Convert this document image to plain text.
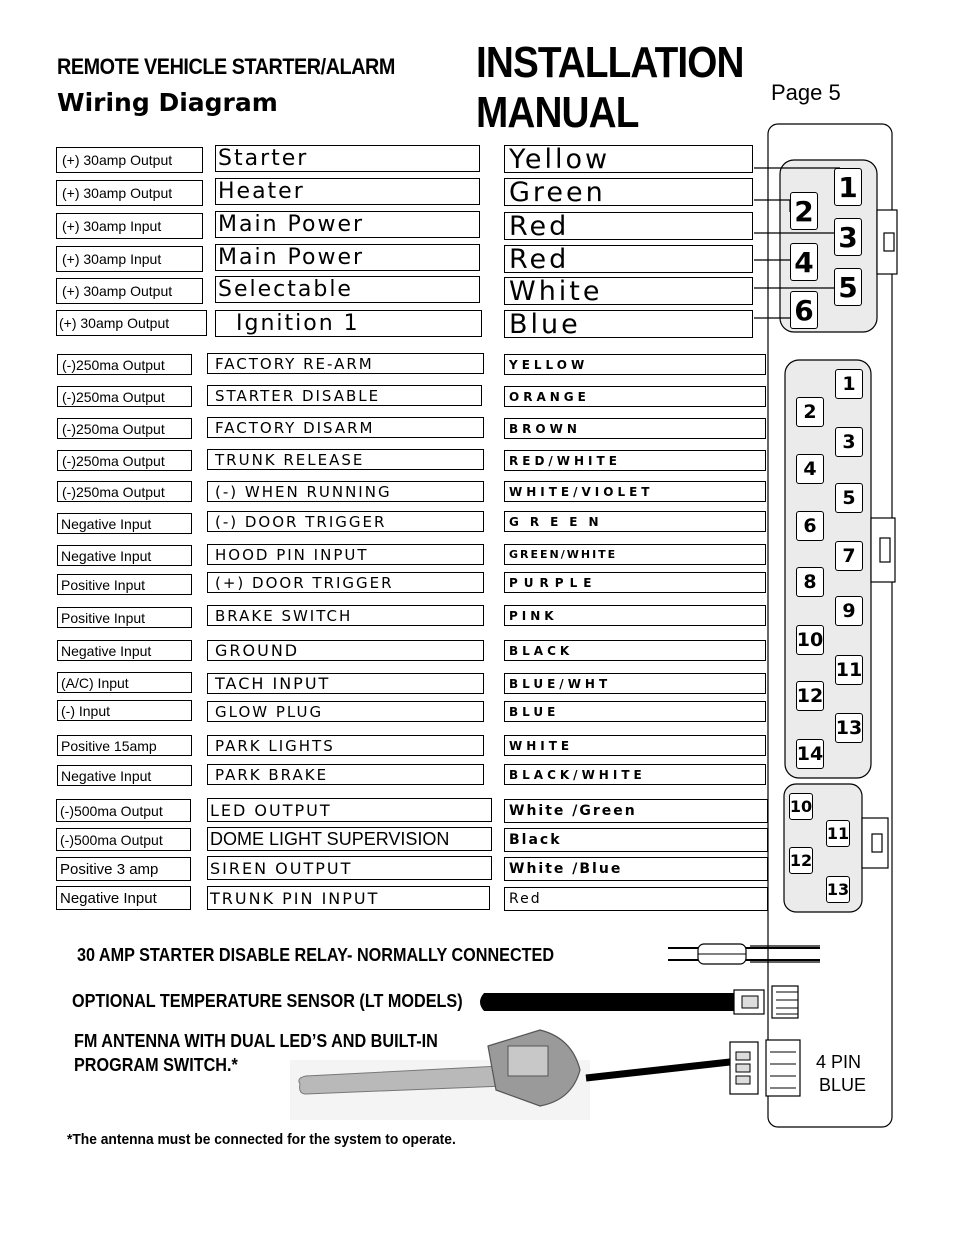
REMOTE VEHICLE STARTER/ALARM
Wiring Diagram
INSTALLATION MANUAL	Page 5
(+) 30amp Output	Starter	Yellow
(+) 30amp Output	Heater	Green
(+) 30amp Input	Main Power	Red
(+) 30amp Input	Main Power	Red
(+) 30amp Output	Selectable	White
(+) 30amp Output	Ignition 1	Blue
(-)250ma Output	FACTORY RE-ARM	YELLOW
(-)250ma Output	STARTER DISABLE	ORANGE
(-)250ma Output	FACTORY DISARM	BROWN
(-)250ma Output	TRUNK RELEASE	RED/WHITE
(-)250ma Output	(-) WHEN RUNNING	WHITE/VIOLET
Negative Input	(-) DOOR TRIGGER	GREEN
Negative Input	HOOD PIN INPUT	GREEN/WHITE
Positive Input	(+) DOOR TRIGGER	PURPLE
Positive Input	BRAKE SWITCH	PINK
Negative Input	GROUND	BLACK
(A/C) Input	TACH INPUT	BLUE/WHT
(-) Input	GLOW PLUG	BLUE
Positive 15amp	PARK LIGHTS	WHITE
Negative Input	PARK BRAKE	BLACK/WHITE
(-)500ma Output	LED OUTPUT	White /Green
(-)500ma Output	DOME LIGHT SUPERVISION	Black
Positive 3 amp	SIREN OUTPUT	White /Blue
Negative Input	TRUNK PIN INPUT	Red
1
2
3
4
5
6
1
2
3
4
5
6
7
8
9
10
11
12
13
14
10
11
12
13
30 AMP STARTER DISABLE RELAY- NORMALLY CONNECTED
OPTIONAL TEMPERATURE SENSOR (LT MODELS)
FM ANTENNA WITH DUAL LED’S AND BUILT-IN
PROGRAM SWITCH.*	4 PIN
BLUE
*The antenna must be connected for the system to operate.
